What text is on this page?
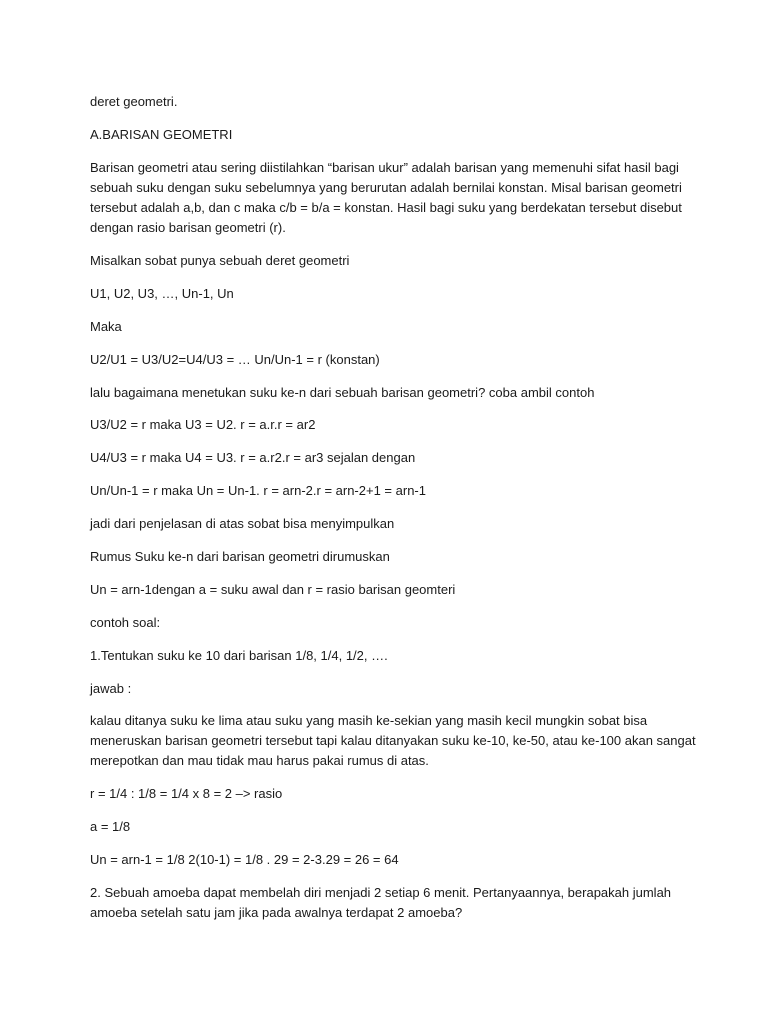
deret geometri.

A.BARISAN GEOMETRI

Barisan geometri atau sering diistilahkan “barisan ukur” adalah barisan yang memenuhi sifat hasil bagi

sebuah suku dengan suku sebelumnya yang berurutan adalah bernilai konstan. Misal barisan geometri

tersebut adalah a,b, dan c maka c/b = b/a = konstan. Hasil bagi suku yang berdekatan tersebut disebut

dengan rasio barisan geometri (r).

Misalkan sobat punya sebuah deret geometri

U1, U2, U3, …, Un-1, Un

Maka

U2/U1 = U3/U2=U4/U3 = … Un/Un-1 = r (konstan)

lalu bagaimana menetukan suku ke-n dari sebuah barisan geometri? coba ambil contoh

U3/U2 = r maka U3 = U2. r = a.r.r = ar2

U4/U3 = r maka U4 = U3. r = a.r2.r = ar3 sejalan dengan

Un/Un-1 = r maka Un = Un-1. r = arn-2.r = arn-2+1 = arn-1

jadi dari penjelasan di atas sobat bisa menyimpulkan

Rumus Suku ke-n dari barisan geometri dirumuskan

Un = arn-1dengan a = suku awal dan r = rasio barisan geomteri

contoh soal:

1.Tentukan suku ke 10 dari barisan 1/8, 1/4, 1/2, ….

jawab :

kalau ditanya suku ke lima atau suku yang masih ke-sekian yang masih kecil mungkin sobat bisa

meneruskan barisan geometri tersebut tapi kalau ditanyakan suku ke-10, ke-50, atau ke-100 akan sangat

merepotkan dan mau tidak mau harus pakai rumus di atas.

r = 1/4 : 1/8 = 1/4 x 8 = 2 –> rasio

a = 1/8

Un = arn-1 = 1/8 2(10-1) = 1/8 . 29 = 2-3.29 = 26 = 64

2. Sebuah amoeba dapat membelah diri menjadi 2 setiap 6 menit. Pertanyaannya, berapakah jumlah

amoeba setelah satu jam jika pada awalnya terdapat 2 amoeba?
